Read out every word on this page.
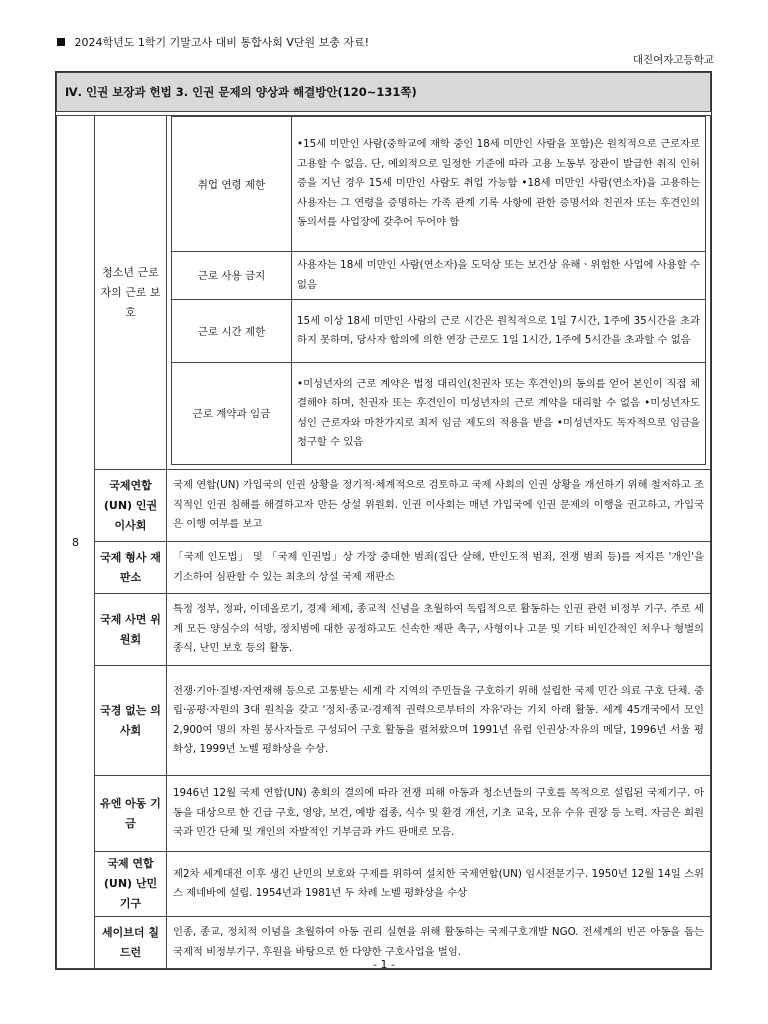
2024학년도 1학기 기말고사 대비 통합사회 Ⅴ단원 보충 자료!
대진여자고등학교
Ⅳ. 인권 보장과 헌법 3. 인권 문제의 양상과 해결방안(120~131쪽)

8	청소년 근로자의 근로 보호	
취업 연령 제한	•15세 미만인 사람(중학교에 재학 중인 18세 미만인 사람을 포함)은 원칙적으로 근로자로 고용할 수 없음. 단, 예외적으로 일정한 기준에 따라 고용 노동부 장관이 발급한 취직 인허증을 지닌 경우 15세 미만인 사람도 취업 가능함 •18세 미만인 사람(연소자)을 고용하는 사용자는 그 연령을 증명하는 가족 관계 기록 사항에 관한 증명서와 친권자 또는 후견인의 동의서를 사업장에 갖추어 두어야 함
근로 사용 금지	사용자는 18세 미만인 사람(연소자)을 도덕상 또는 보건상 유해ㆍ위험한 사업에 사용할 수 없음
근로 시간 제한	15세 이상 18세 미만인 사람의 근로 시간은 원칙적으로 1일 7시간, 1주에 35시간을 초과하지 못하며, 당사자 합의에 의한 연장 근로도 1일 1시간, 1주에 5시간을 초과할 수 없음
근로 계약과 임금	•미성년자의 근로 계약은 법정 대리인(친권자 또는 후견인)의 동의를 얻어 본인이 직접 체결해야 하며, 친권자 또는 후견인이 미성년자의 근로 계약을 대리할 수 없음 •미성년자도 성인 근로자와 마찬가지로 최저 임금 제도의 적용을 받음 •미성년자도 독자적으로 임금을 청구할 수 있음

국제연합(UN) 인권 이사회	국제 연합(UN) 가입국의 인권 상황을 정기적·체계적으로 검토하고 국제 사회의 인권 상황을 개선하기 위해 철저하고 조직적인 인권 침해를 해결하고자 만든 상설 위원회. 인권 이사회는 매년 가입국에 인권 문제의 이행을 권고하고, 가입국은 이행 여부를 보고
국제 형사 재판소	「국제 인도법」 및 「국제 인권법」상 가장 중대한 범죄(집단 살해, 반인도적 범죄, 전쟁 범죄 등)를 저지른 '개인'을 기소하여 심판할 수 있는 최초의 상설 국제 재판소
국제 사면 위원회	특정 정부, 정파, 이데올로기, 경제 체제, 종교적 신념을 초월하여 독립적으로 활동하는 인권 관련 비정부 기구. 주로 세계 모든 양심수의 석방, 정치범에 대한 공정하고도 신속한 재판 촉구, 사형이나 고문 및 기타 비인간적인 처우나 형벌의 종식, 난민 보호 등의 활동.
국경 없는 의사회	전쟁·기아·질병·자연재해 등으로 고통받는 세계 각 지역의 주민들을 구호하기 위해 설립한 국제 민간 의료 구호 단체. 중립·공평·자원의 3대 원칙을 갖고 '정치·종교·경제적 권력으로부터의 자유'라는 기치 아래 활동. 세계 45개국에서 모인 2,900여 명의 자원 봉사자들로 구성되어 구호 활동을 펼쳐왔으며 1991년 유럽 인권상·자유의 메달, 1996년 서울 평화상, 1999년 노벨 평화상을 수상.
유엔 아동 기금	1946년 12월 국제 연합(UN) 총회의 결의에 따라 전쟁 피해 아동과 청소년들의 구호를 목적으로 설립된 국제기구. 아동을 대상으로 한 긴급 구호, 영양, 보건, 예방 접종, 식수 및 환경 개선, 기초 교육, 모유 수유 권장 등 노력. 자금은 회원국과 민간 단체 및 개인의 자발적인 기부금과 카드 판매로 모음.
국제 연합(UN) 난민 기구	제2차 세계대전 이후 생긴 난민의 보호와 구제를 위하여 설치한 국제연합(UN) 임시전문기구. 1950년 12월 14일 스위스 제네바에 설립. 1954년과 1981년 두 차례 노벨 평화상을 수상
세이브더 칠드런	인종, 종교, 정치적 이념을 초월하여 아동 권리 실현을 위해 활동하는 국제구호개발 NGO. 전세계의 빈곤 아동을 돕는 국제적 비정부기구. 후원을 바탕으로 한 다양한 구호사업을 벌임.
- 1 -
